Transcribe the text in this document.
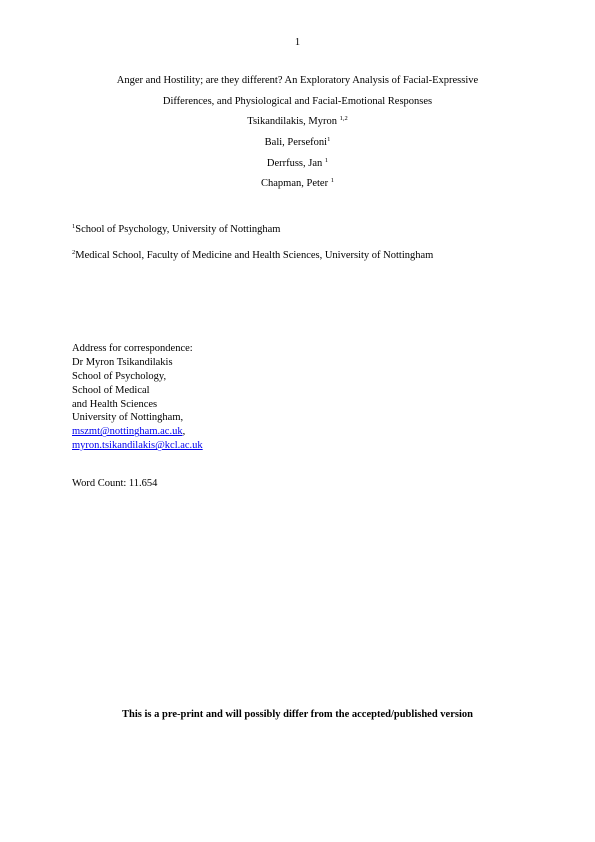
1
Anger and Hostility; are they different? An Exploratory Analysis of Facial-Expressive
Differences, and Physiological and Facial-Emotional Responses
Tsikandilakis, Myron $^{1,2}$
Bali, Persefoni$^1$
Derrfuss, Jan $^1$
Chapman, Peter $^1$
$^1$School of Psychology, University of Nottingham
$^2$Medical School, Faculty of Medicine and Health Sciences, University of Nottingham
Address for correspondence:
Dr Myron Tsikandilakis
School of Psychology,
School of Medical
and Health Sciences
University of Nottingham,
mszmt@nottingham.ac.uk,
myron.tsikandilakis@kcl.ac.uk
Word Count: 11.654
This is a pre-print and will possibly differ from the accepted/published version
